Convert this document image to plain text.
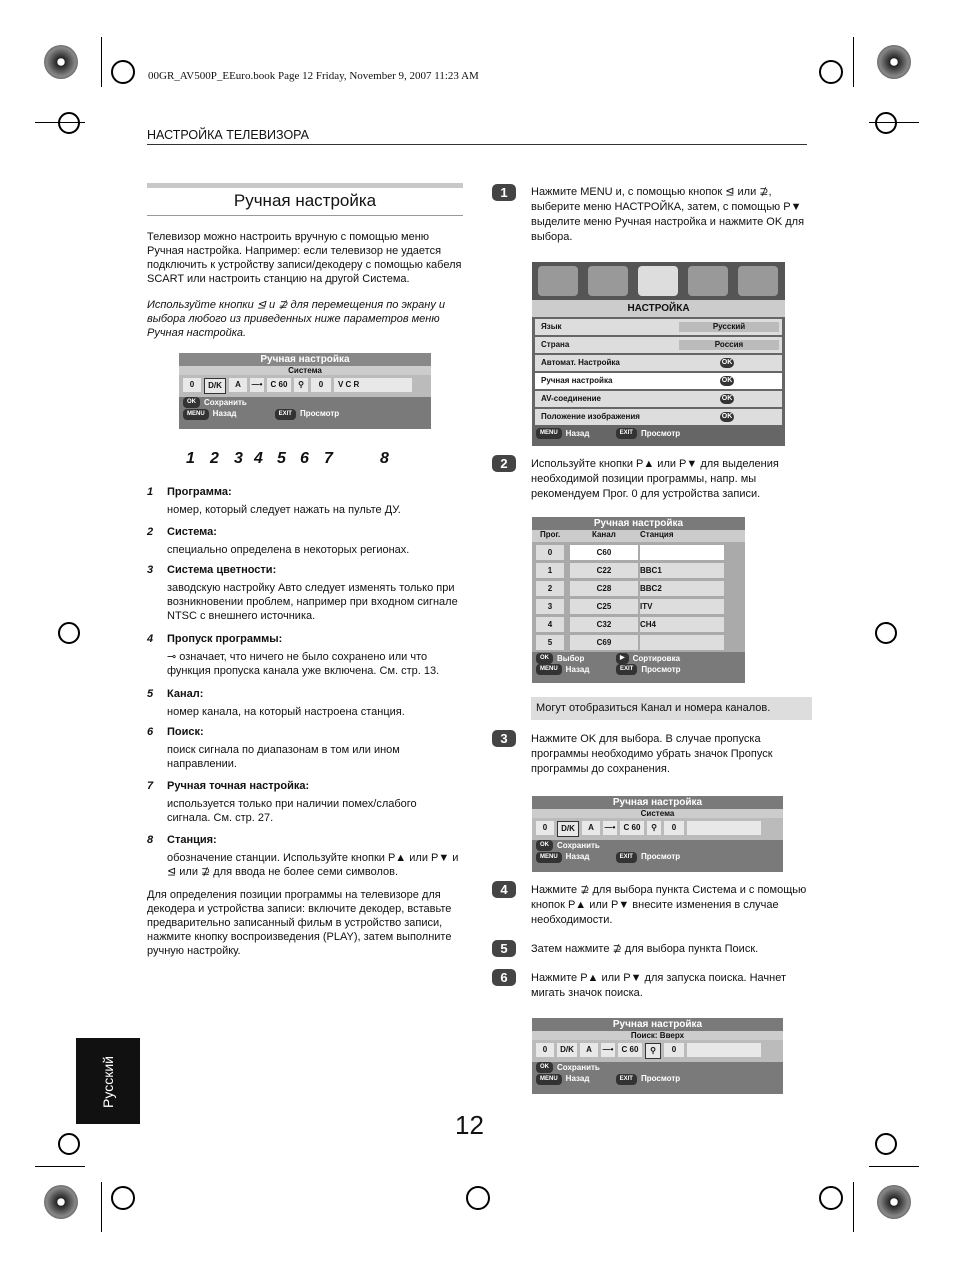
00GR_AV500P_EEuro.book Page 12 Friday, November 9, 2007 11:23 AM
НАСТРОЙКА ТЕЛЕВИЗОРА
Ручная настройка
Телевизор можно настроить вручную с помощью меню Ручная настройка. Например: если телевизор не удается подключить к устройству записи/декодеру с помощью кабеля SCART или настроить станцию на другой Система.
Используйте кнопки ⊴ и ⊉ для перемещения по экрану и выбора любого из приведенных ниже параметров меню Ручная настройка.
Ручная настройка
Система
0 D/K A —• C 60 ⚲ 0 V C R
OK Сохранить
MENU Назад	EXIT Просмотр
1 2 3 4 5 6 7	8
1 Программа:
номер, который следует нажать на пульте ДУ.
2 Система:
специально определена в некоторых регионах.
3 Система цветности:
заводскую настройку Авто следует изменять только при возникновении проблем, например при входном сигнале NTSC с внешнего источника.
4 Пропуск программы:
⊸ означает, что ничего не было сохранено или что функция пропуска канала уже включена. См. стр. 13.
5 Канал:
номер канала, на который настроена станция.
6 Поиск:
поиск сигнала по диапазонам в том или ином направлении.
7 Ручная точная настройка:
используется только при наличии помех/слабого сигнала. См. стр. 27.
8 Станция:
обозначение станции. Используйте кнопки P▲ или P▼ и ⊴ или ⊉ для ввода не более семи символов.
Для определения позиции программы на телевизоре для декодера и устройства записи: включите декодер, вставьте предварительно записанный фильм в устройство записи, нажмите кнопку воспроизведения (PLAY), затем выполните ручную настройку.
1	Нажмите MENU и, с помощью кнопок ⊴ или ⊉, выберите меню НАСТРОЙКА, затем, с помощью P▼ выделите меню Ручная настройка и нажмите OK для выбора.
НАСТРОЙКА
Язык	Русский
Страна	Россия
Автомат. Настройка	OK
Ручная настройка	OK
AV-соединение	OK
Положение изображения	OK
MENU Назад	EXIT Просмотр
2	Используйте кнопки P▲ или P▼ для выделения необходимой позиции программы, напр. мы рекомендуем Прог. 0 для устройства записи.
Ручная настройка
Прог.	Канал	Станция
0	C60
1	C22	BBC1
2	C28	BBC2
3	C25	ITV
4	C32	CH4
5	C69
OK Выбор	▶ Сортировка
MENU Назад	EXIT Просмотр
Могут отобразиться Канал и номера каналов.
3	Нажмите OK для выбора. В случае пропуска программы необходимо убрать значок Пропуск программы до сохранения.
Ручная настройка
Система
0 D/K A —• C 60 ⚲ 0
OK Сохранить
MENU Назад	EXIT Просмотр
4	Нажмите ⊉ для выбора пункта Система и с помощью кнопок P▲ или P▼ внесите изменения в случае необходимости.
5	Затем нажмите ⊉ для выбора пункта Поиск.
6	Нажмите P▲ или P▼ для запуска поиска. Начнет мигать значок поиска.
Ручная настройка
Поиск: Вверх
0 D/K A —• C 60 ⚲ 0
OK Сохранить
MENU Назад	EXIT Просмотр
Русский
12
